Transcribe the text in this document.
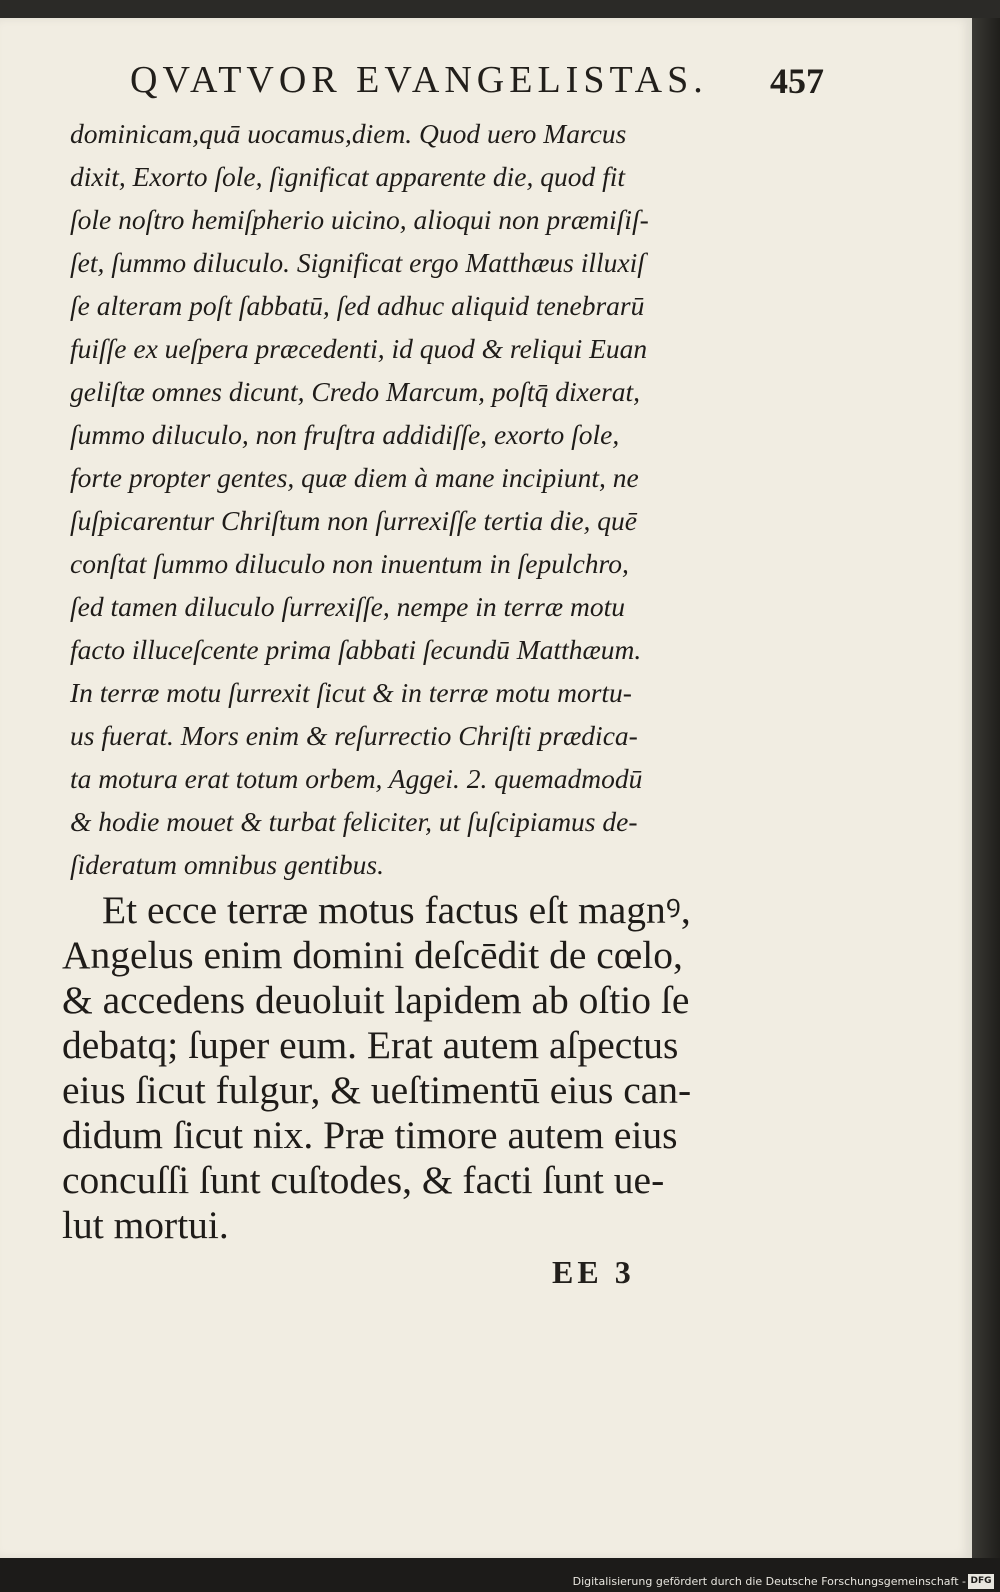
QVATVOR EVANGELISTAS. 457
dominicam,quā uocamus,diem. Quod uero Marcus
dixit, Exorto ſole, ſignificat apparente die, quod fit
ſole noſtro hemiſpherio uicino, alioqui non præmiſiſ-
ſet, ſummo diluculo. Significat ergo Matthæus illuxiſ
ſe alteram poſt ſabbatū, ſed adhuc aliquid tenebrarū
fuiſſe ex ueſpera præcedenti, id quod & reliqui Euan
geliſtæ omnes dicunt, Credo Marcum, poſtq̄ dixerat,
ſummo diluculo, non fruſtra addidiſſe, exorto ſole,
forte propter gentes, quæ diem à mane incipiunt, ne
ſuſpicarentur Chriſtum non ſurrexiſſe tertia die, quē
conſtat ſummo diluculo non inuentum in ſepulchro,
ſed tamen diluculo ſurrexiſſe, nempe in terræ motu
facto illuceſcente prima ſabbati ſecundū Matthæum.
In terræ motu ſurrexit ſicut & in terræ motu mortu-
us fuerat. Mors enim & reſurrectio Chriſti prædica-
ta motura erat totum orbem, Aggei. 2. quemadmodū
& hodie mouet & turbat feliciter, ut ſuſcipiamus de-
ſideratum omnibus gentibus.
Et ecce terræ motus factus eſt magnꝰ,
Angelus enim domini deſcēdit de cœlo,
& accedens deuoluit lapidem ab oſtio ſe
debatq; ſuper eum. Erat autem aſpectus
eius ſicut fulgur, & ueſtimentū eius can-
didum ſicut nix. Præ timore autem eius
concuſſi ſunt cuſtodes, & facti ſunt ue-
lut mortui.
EE 3
Digitalisierung gefördert durch die Deutsche Forschungsgemeinschaft - DFG
